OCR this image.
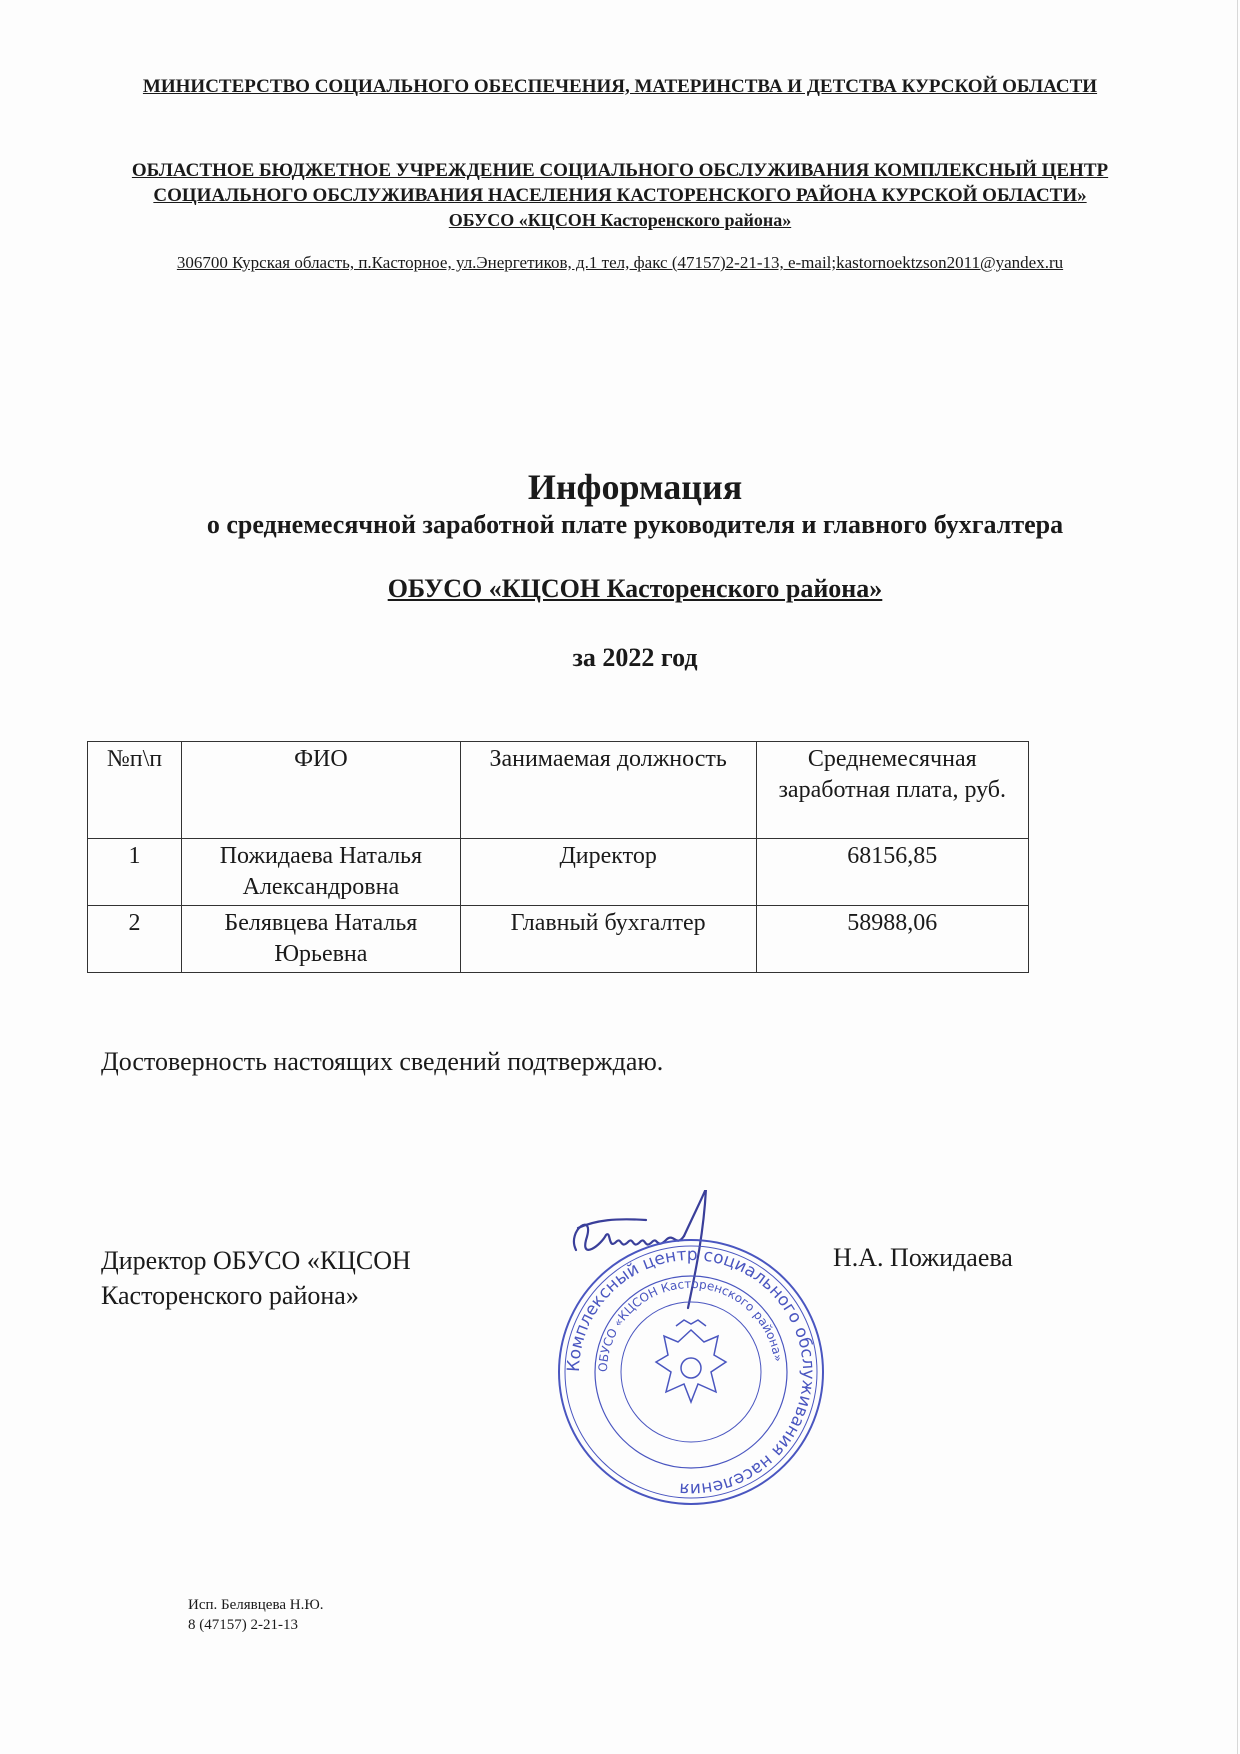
МИНИСТЕРСТВО СОЦИАЛЬНОГО ОБЕСПЕЧЕНИЯ, МАТЕРИНСТВА И ДЕТСТВА КУРСКОЙ ОБЛАСТИ
ОБЛАСТНОЕ БЮДЖЕТНОЕ УЧРЕЖДЕНИЕ СОЦИАЛЬНОГО ОБСЛУЖИВАНИЯ КОМПЛЕКСНЫЙ ЦЕНТР
СОЦИАЛЬНОГО ОБСЛУЖИВАНИЯ НАСЕЛЕНИЯ КАСТОРЕНСКОГО РАЙОНА КУРСКОЙ ОБЛАСТИ»
ОБУСО «КЦСОН Касторенского района»
306700 Курская область, п.Касторное, ул.Энергетиков, д.1 тел, факс (47157)2-21-13, e-mail;kastornoektzson2011@yandex.ru
Информация
о среднемесячной заработной плате руководителя и главного бухгалтера
ОБУСО «КЦСОН Касторенского района»
за 2022 год
№п\п	ФИО	Занимаемая должность	Среднемесячная заработная плата, руб.
1	Пожидаева Наталья Александровна	Директор	68156,85
2	Белявцева Наталья Юрьевна	Главный бухгалтер	58988,06
Достоверность настоящих сведений подтверждаю.
Директор ОБУСО «КЦСОН
Касторенского района»
Н.А. Пожидаева
Комплексный центр социального обслуживания населения
ОБУСО «КЦСОН Касторенского района»
Исп. Белявцева Н.Ю.
8 (47157) 2-21-13
